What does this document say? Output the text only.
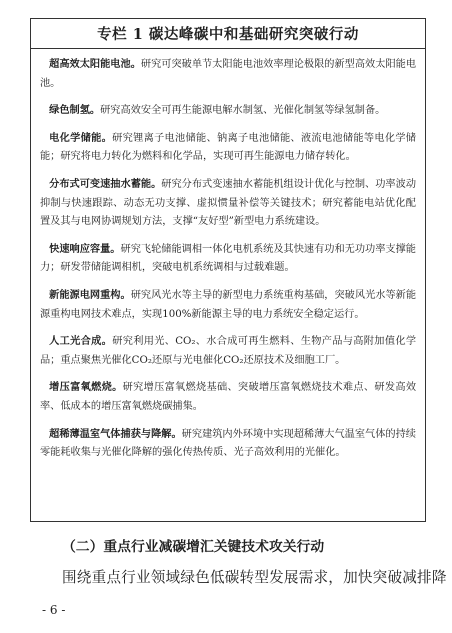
专栏 1 碳达峰碳中和基础研究突破行动

超高效太阳能电池。研究可突破单节太阳能电池效率理论极限的新型高效太阳能电池。

绿色制氢。研究高效安全可再生能源电解水制氢、光催化制氢等绿氢制备。

电化学储能。研究锂离子电池储能、钠离子电池储能、液流电池储能等电化学储能；研究将电力转化为燃料和化学品，实现可再生能源电力储存转化。

分布式可变速抽水蓄能。研究分布式变速抽水蓄能机组设计优化与控制、功率波动抑制与快速跟踪、动态无功支撑、虚拟惯量补偿等关键技术；研究蓄能电站优化配置及其与电网协调规划方法，支撑“友好型”新型电力系统建设。

快速响应容量。研究飞轮储能调相一体化电机系统及其快速有功和无功功率支撑能力；研发带储能调相机，突破电机系统调相与过载难题。

新能源电网重构。研究风光水等主导的新型电力系统重构基础，突破风光水等新能源重构电网技术难点，实现100%新能源主导的电力系统安全稳定运行。

人工光合成。研究利用光、CO₂、水合成可再生燃料、生物产品与高附加值化学品；重点聚焦光催化CO₂还原与光电催化CO₂还原技术及细胞工厂。

增压富氧燃烧。研究增压富氧燃烧基础、突破增压富氧燃烧技术难点、研发高效率、低成本的增压富氧燃烧碳捕集。

超稀薄温室气体捕获与降解。研究建筑内外环境中实现超稀薄大气温室气体的持续零能耗收集与光催化降解的强化传热传质、光子高效利用的光催化。

（二）重点行业减碳增汇关键技术攻关行动
围绕重点行业领域绿色低碳转型发展需求，加快突破减排降
- 6 -
